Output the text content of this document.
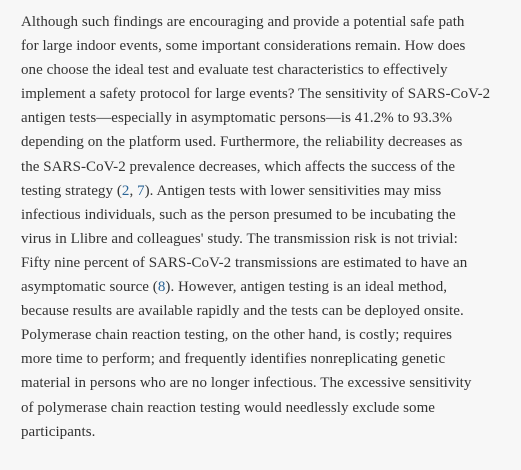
Although such findings are encouraging and provide a potential safe path
for large indoor events, some important considerations remain. How does
one choose the ideal test and evaluate test characteristics to effectively
implement a safety protocol for large events? The sensitivity of SARS-CoV-2
antigen tests—especially in asymptomatic persons—is 41.2% to 93.3%
depending on the platform used. Furthermore, the reliability decreases as
the SARS-CoV-2 prevalence decreases, which affects the success of the
testing strategy (2, 7). Antigen tests with lower sensitivities may miss
infectious individuals, such as the person presumed to be incubating the
virus in Llibre and colleagues' study. The transmission risk is not trivial:
Fifty nine percent of SARS-CoV-2 transmissions are estimated to have an
asymptomatic source (8). However, antigen testing is an ideal method,
because results are available rapidly and the tests can be deployed onsite.
Polymerase chain reaction testing, on the other hand, is costly; requires
more time to perform; and frequently identifies nonreplicating genetic
material in persons who are no longer infectious. The excessive sensitivity
of polymerase chain reaction testing would needlessly exclude some
participants.
